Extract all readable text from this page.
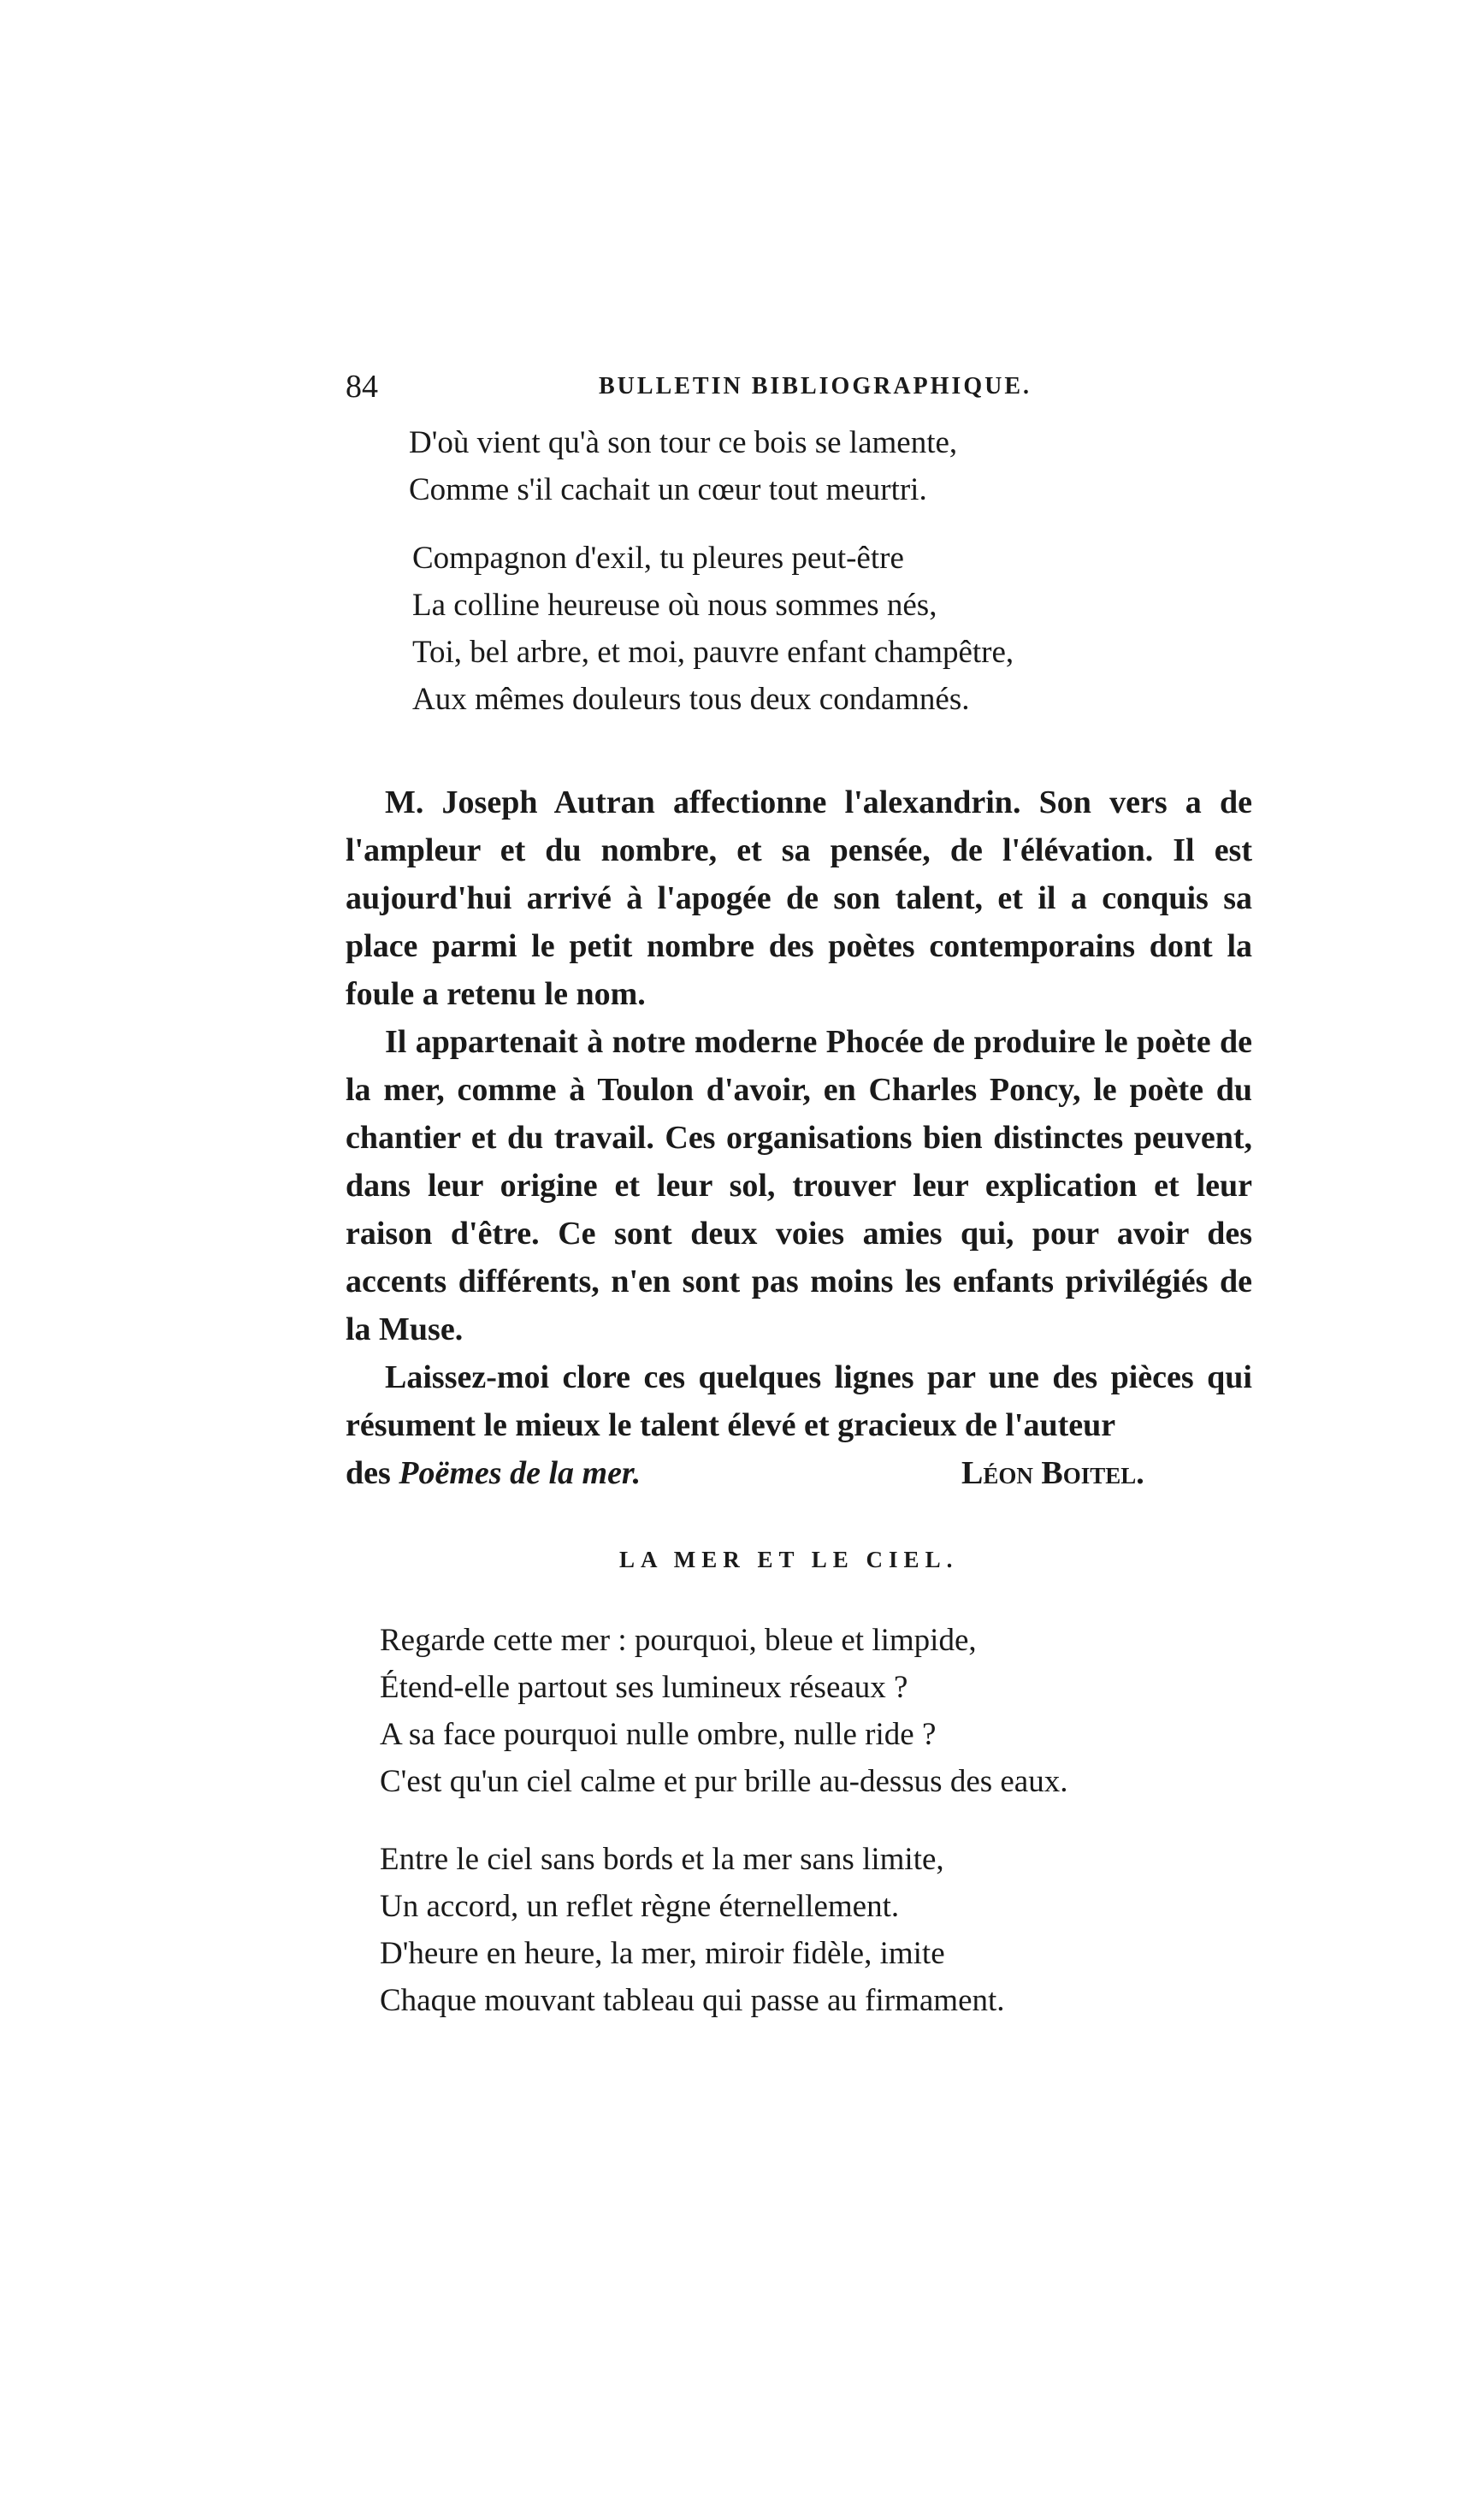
84	BULLETIN BIBLIOGRAPHIQUE.
D'où vient qu'à son tour ce bois se lamente,
Comme s'il cachait un cœur tout meurtri.
Compagnon d'exil, tu pleures peut-être
La colline heureuse où nous sommes nés,
Toi, bel arbre, et moi, pauvre enfant champêtre,
Aux mêmes douleurs tous deux condamnés.

M. Joseph Autran affectionne l'alexandrin. Son vers a de l'ampleur et du nombre, et sa pensée, de l'élévation. Il est aujourd'hui arrivé à l'apogée de son talent, et il a conquis sa place parmi le petit nombre des poètes contemporains dont la foule a retenu le nom.

Il appartenait à notre moderne Phocée de produire le poète de la mer, comme à Toulon d'avoir, en Charles Poncy, le poète du chantier et du travail. Ces organisations bien distinctes peuvent, dans leur origine et leur sol, trouver leur explication et leur raison d'être. Ce sont deux voies amies qui, pour avoir des accents différents, n'en sont pas moins les enfants privilégiés de la Muse.

Laissez-moi clore ces quelques lignes par une des pièces qui résument le mieux le talent élevé et gracieux de l'auteur

des Poëmes de la mer.	Léon Boitel.
LA MER ET LE CIEL.
Regarde cette mer : pourquoi, bleue et limpide,
Étend-elle partout ses lumineux réseaux ?
A sa face pourquoi nulle ombre, nulle ride ?
C'est qu'un ciel calme et pur brille au-dessus des eaux.
Entre le ciel sans bords et la mer sans limite,
Un accord, un reflet règne éternellement.
D'heure en heure, la mer, miroir fidèle, imite
Chaque mouvant tableau qui passe au firmament.
